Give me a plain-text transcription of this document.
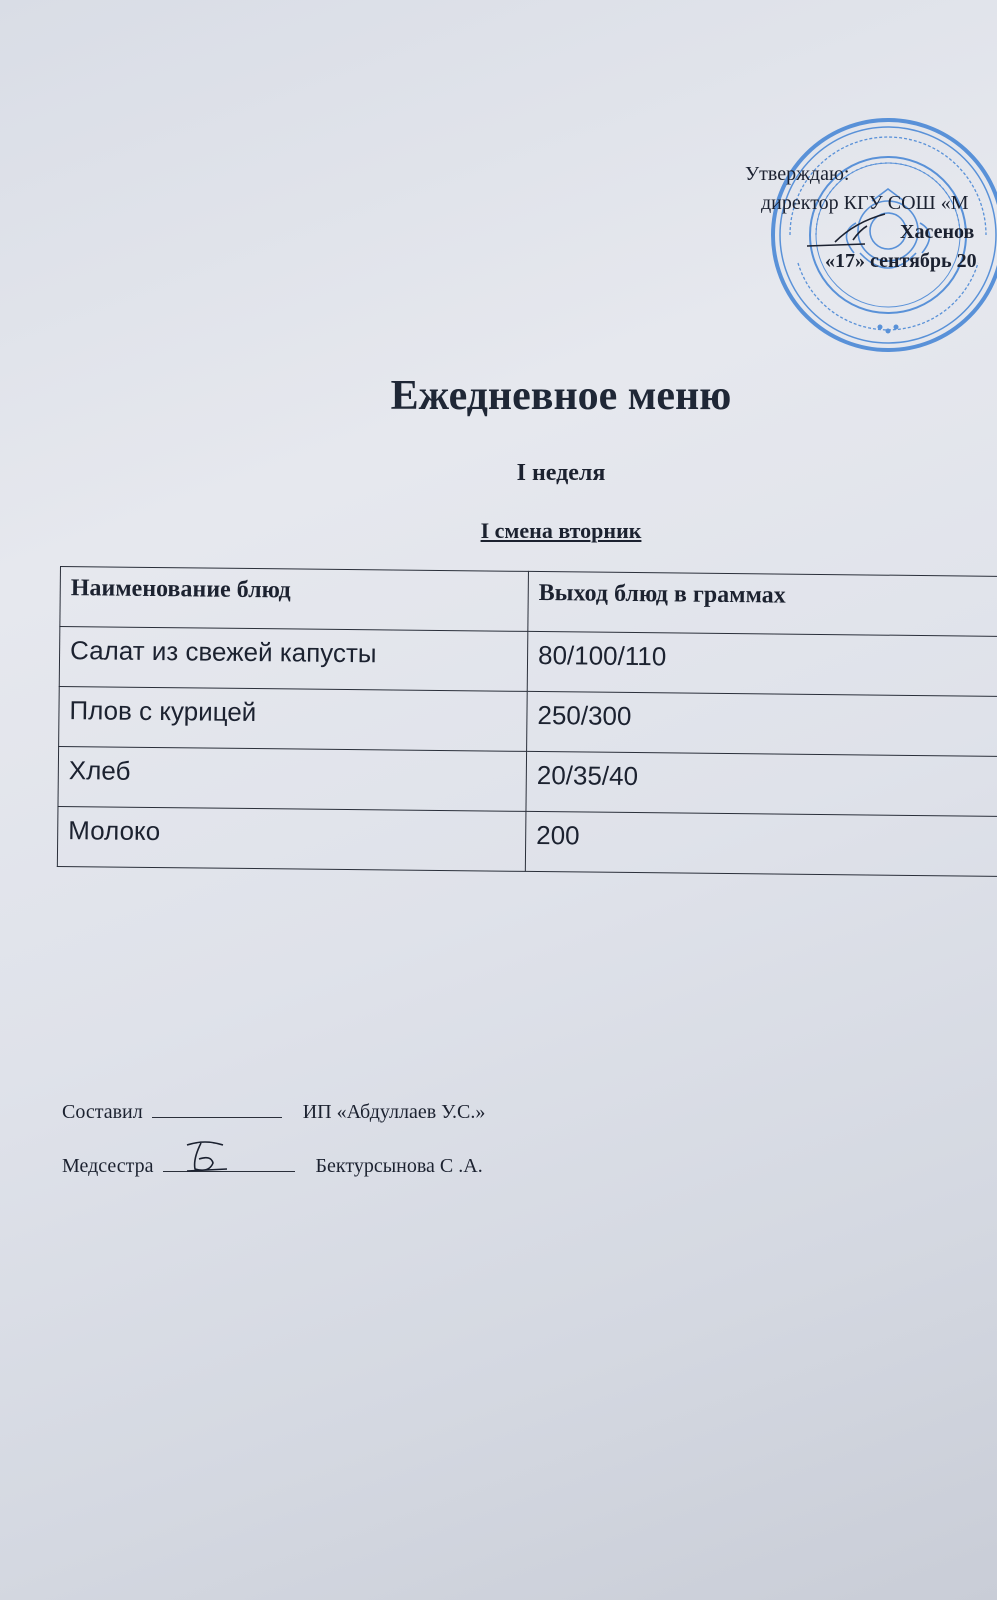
Утверждаю:
директор КГУ СОШ «М
Хасенов
«17» сентябрь 20
Ежедневное меню
I неделя
I смена вторник
Наименование блюд	Выход блюд в граммах
Салат из свежей капусты	80/100/110
Плов с курицей	250/300
Хлеб	20/35/40
Молоко	200
Составил	ИП «Абдуллаев У.С.»
Медсестра	Бектурсынова С .А.
